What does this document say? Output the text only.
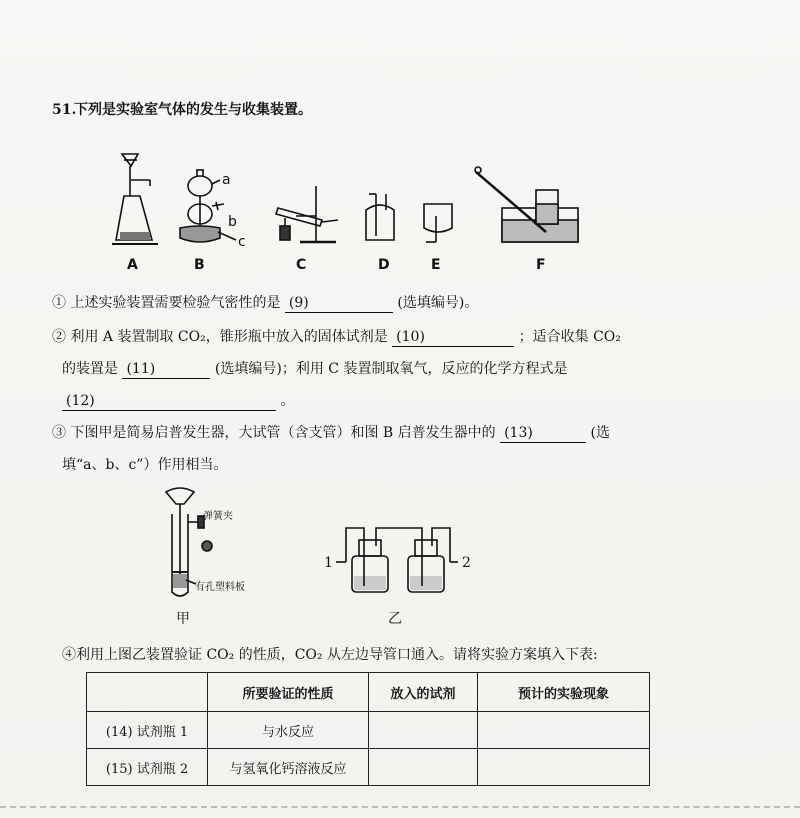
51.
下列是实验室气体的发生与收集装置。
A	B	C	D	E	F
a
b
c
① 上述实验装置需要检验气密性的是 (9)	(选填编号)。
② 利用 A 装置制取 CO₂，锥形瓶中放入的固体试剂是 (10)	；适合收集 CO₂
的装置是 (11)	(选填编号)；利用 C 装置制取氧气，反应的化学方程式是
(12)	。
③ 下图甲是简易启普发生器，大试管（含支管）和图 B 启普发生器中的 (13)	(选
填“a、b、c”）作用相当。
弹簧夹
有孔塑料板
甲
1	2
乙
④利用上图乙装置验证 CO₂ 的性质，CO₂ 从左边导管口通入。请将实验方案填入下表:
	所要验证的性质	放入的试剂	预计的实验现象
(14) 试剂瓶 1	与水反应		
(15) 试剂瓶 2	与氢氧化钙溶液反应		
